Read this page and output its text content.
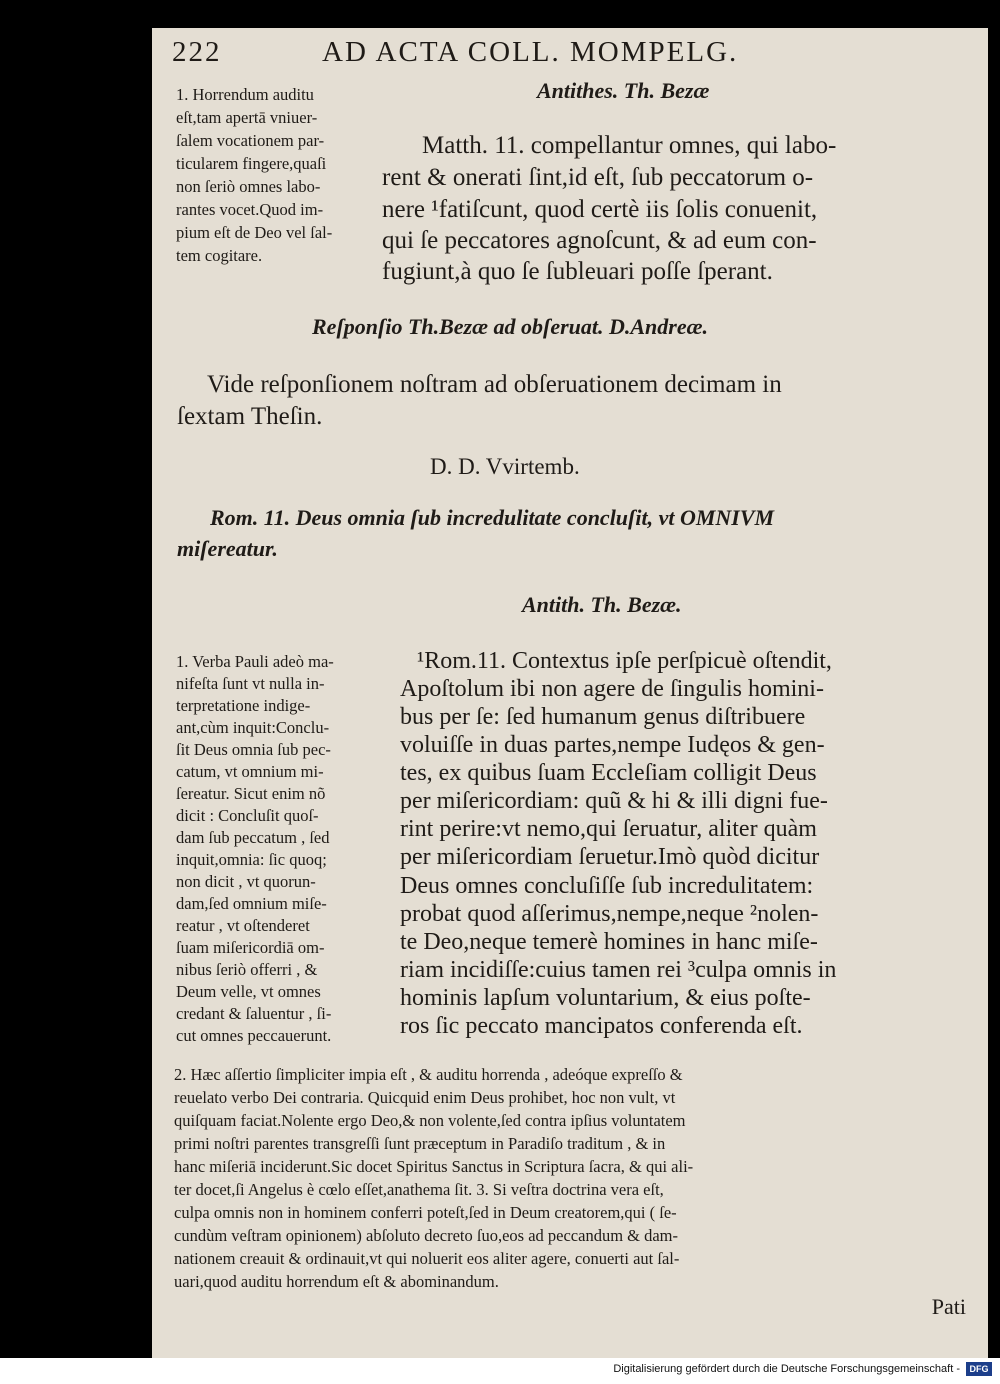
222	AD ACTA COLL. MOMPELG.
Antithes. Th. Bezæ
1. Horrendum auditu
eſt,tam apertā vniuer-
ſalem vocationem par-
ticularem fingere,quaſi
non ſeriò omnes labo-
rantes vocet.Quod im-
pium eſt de Deo vel ſal-
tem cogitare.
Matth. 11. compellantur omnes, qui labo-
rent & onerati ſint,id eſt, ſub peccatorum o-
nere ¹fatiſcunt, quod certè iis ſolis conuenit,
qui ſe peccatores agnoſcunt, & ad eum con-
fugiunt,à quo ſe ſubleuari poſſe ſperant.
Reſponſio Th.Bezæ ad obſeruat. D.Andreæ.
Vide reſponſionem noſtram ad obſeruationem decimam in
ſextam Theſin.
D. D. Vvirtemb.
Rom. 11. Deus omnia ſub incredulitate concluſit, vt OMNIVM
miſereatur.
Antith. Th. Bezæ.
1. Verba Pauli adeò ma-
nifeſta ſunt vt nulla in-
terpretatione indige-
ant,cùm inquit:Conclu-
ſit Deus omnia ſub pec-
catum, vt omnium mi-
ſereatur. Sicut enim nõ
dicit : Concluſit quoſ-
dam ſub peccatum , ſed
inquit,omnia: ſic quoq;
non dicit , vt quorun-
dam,ſed omnium miſe-
reatur , vt oſtenderet
ſuam miſericordiā om-
nibus ſeriò offerri , &
Deum velle, vt omnes
credant & ſaluentur , ſi-
cut omnes peccauerunt.
¹Rom.11. Contextus ipſe perſpicuè oſtendit,
Apoſtolum ibi non agere de ſingulis homini-
bus per ſe: ſed humanum genus diſtribuere
voluiſſe in duas partes,nempe Iudęos & gen-
tes, ex quibus ſuam Eccleſiam colligit Deus
per miſericordiam: quũ & hi & illi digni fue-
rint perire:vt nemo,qui ſeruatur, aliter quàm
per miſericordiam ſeruetur.Imò quòd dicitur
Deus omnes concluſiſſe ſub incredulitatem:
probat quod aſſerimus,nempe,neque ²nolen-
te Deo,neque temerè homines in hanc miſe-
riam incidiſſe:cuius tamen rei ³culpa omnis in
hominis lapſum voluntarium, & eius poſte-
ros ſic peccato mancipatos conferenda eſt.
2. Hæc aſſertio ſimpliciter impia eſt , & auditu horrenda , adeóque expreſſo &
reuelato verbo Dei contraria. Quicquid enim Deus prohibet, hoc non vult, vt
quiſquam faciat.Nolente ergo Deo,& non volente,ſed contra ipſius voluntatem
primi noſtri parentes transgreſſi ſunt præceptum in Paradiſo traditum , & in
hanc miſeriā inciderunt.Sic docet Spiritus Sanctus in Scriptura ſacra, & qui ali-
ter docet,ſi Angelus è cœlo eſſet,anathema ſit. 3. Si veſtra doctrina vera eſt,
culpa omnis non in hominem conferri poteſt,ſed in Deum creatorem,qui ( ſe-
cundùm veſtram opinionem) abſoluto decreto ſuo,eos ad peccandum & dam-
nationem creauit & ordinauit,vt qui noluerit eos aliter agere, conuerti aut ſal-
uari,quod auditu horrendum eſt & abominandum.
Pati
Digitalisierung gefördert durch die Deutsche Forschungsgemeinschaft -	DFG
